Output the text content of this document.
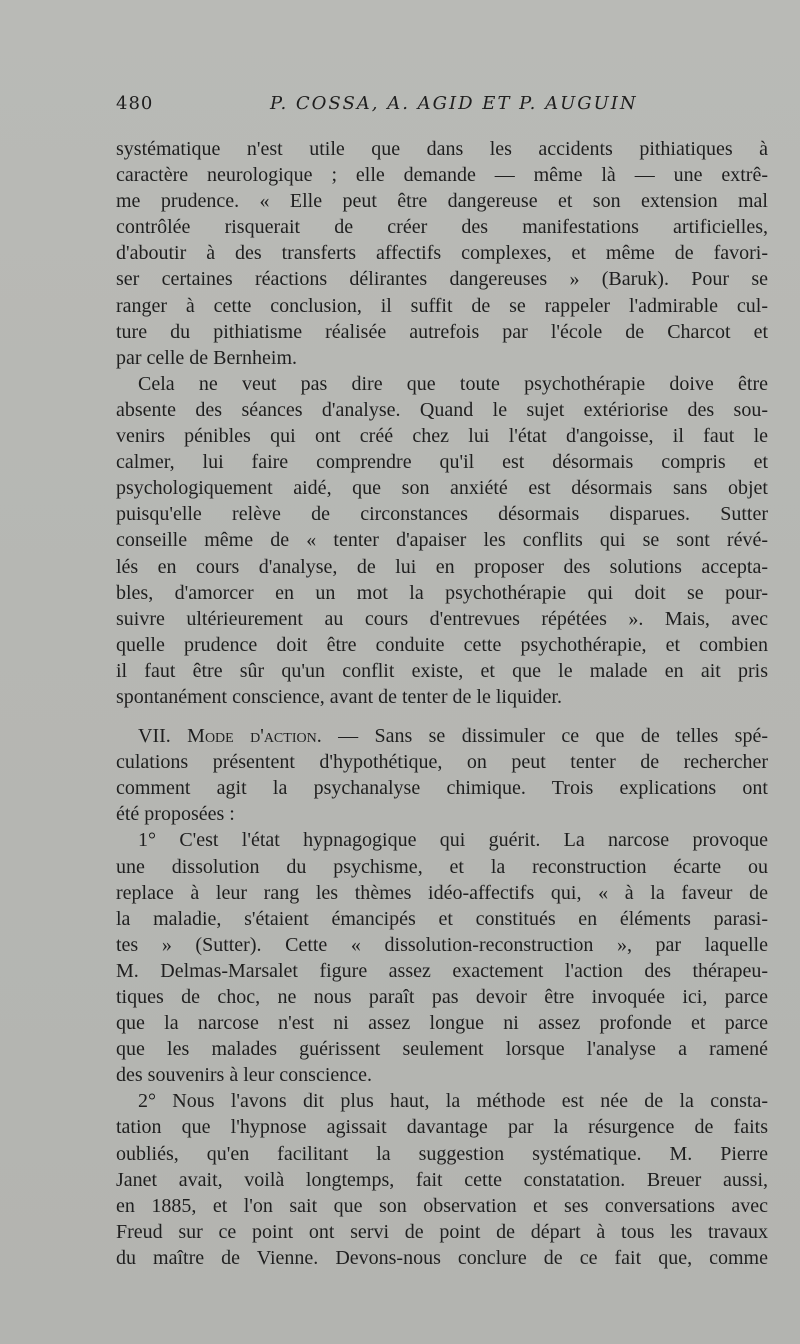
480	P. COSSA, A. AGID ET P. AUGUIN

systématique n'est utile que dans les accidents pithiatiques à
caractère neurologique ; elle demande — même là — une extrê-
me prudence. « Elle peut être dangereuse et son extension mal
contrôlée risquerait de créer des manifestations artificielles,
d'aboutir à des transferts affectifs complexes, et même de favori-
ser certaines réactions délirantes dangereuses » (Baruk). Pour se
ranger à cette conclusion, il suffit de se rappeler l'admirable cul-
ture du pithiatisme réalisée autrefois par l'école de Charcot et
par celle de Bernheim.

Cela ne veut pas dire que toute psychothérapie doive être
absente des séances d'analyse. Quand le sujet extériorise des sou-
venirs pénibles qui ont créé chez lui l'état d'angoisse, il faut le
calmer, lui faire comprendre qu'il est désormais compris et
psychologiquement aidé, que son anxiété est désormais sans objet
puisqu'elle relève de circonstances désormais disparues. Sutter
conseille même de « tenter d'apaiser les conflits qui se sont révé-
lés en cours d'analyse, de lui en proposer des solutions accepta-
bles, d'amorcer en un mot la psychothérapie qui doit se pour-
suivre ultérieurement au cours d'entrevues répétées ». Mais, avec
quelle prudence doit être conduite cette psychothérapie, et combien
il faut être sûr qu'un conflit existe, et que le malade en ait pris
spontanément conscience, avant de tenter de le liquider.

VII. Mode d'action. — Sans se dissimuler ce que de telles spé-
culations présentent d'hypothétique, on peut tenter de rechercher
comment agit la psychanalyse chimique. Trois explications ont
été proposées :

1° C'est l'état hypnagogique qui guérit. La narcose provoque
une dissolution du psychisme, et la reconstruction écarte ou
replace à leur rang les thèmes idéo-affectifs qui, « à la faveur de
la maladie, s'étaient émancipés et constitués en éléments parasi-
tes » (Sutter). Cette « dissolution-reconstruction », par laquelle
M. Delmas-Marsalet figure assez exactement l'action des thérapeu-
tiques de choc, ne nous paraît pas devoir être invoquée ici, parce
que la narcose n'est ni assez longue ni assez profonde et parce
que les malades guérissent seulement lorsque l'analyse a ramené
des souvenirs à leur conscience.

2° Nous l'avons dit plus haut, la méthode est née de la consta-
tation que l'hypnose agissait davantage par la résurgence de faits
oubliés, qu'en facilitant la suggestion systématique. M. Pierre
Janet avait, voilà longtemps, fait cette constatation. Breuer aussi,
en 1885, et l'on sait que son observation et ses conversations avec
Freud sur ce point ont servi de point de départ à tous les travaux
du maître de Vienne. Devons-nous conclure de ce fait que, comme
